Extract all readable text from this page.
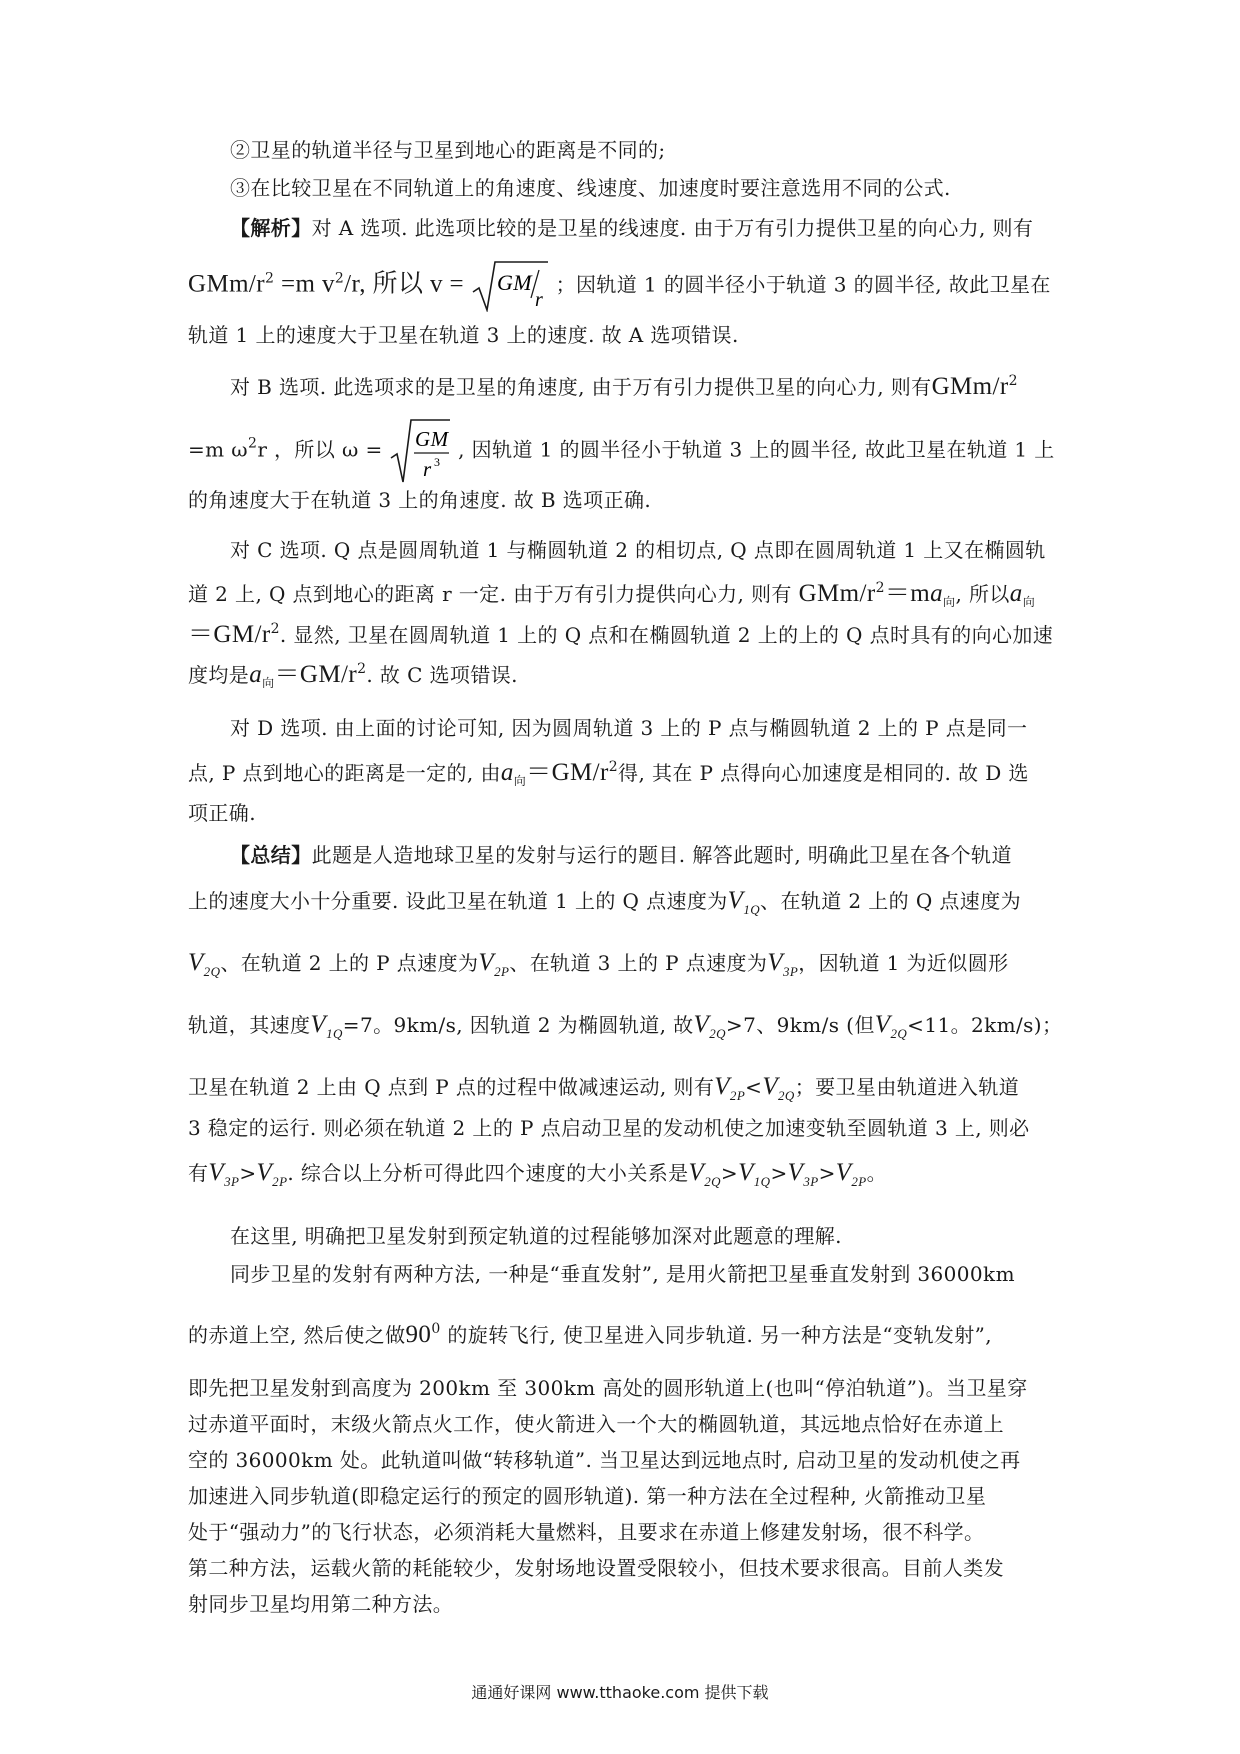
②卫星的轨道半径与卫星到地心的距离是不同的;
③在比较卫星在不同轨道上的角速度、线速度、加速度时要注意选用不同的公式.
【解析】对 A 选项. 此选项比较的是卫星的线速度. 由于万有引力提供卫星的向心力, 则有
GMm/$r^2 =m$ $v^2/r$, 所以 v = GM
r
；因轨道 1 的圆半径小于轨道 3 的圆半径, 故此卫星在
轨道 1 上的速度大于卫星在轨道 3 上的速度. 故 A 选项错误.
对 B 选项. 此选项求的是卫星的角速度, 由于万有引力提供卫星的向心力, 则有GMm/$r^2$
=m $\omega^2r$ ，所以 ω = GM
r 3
, 因轨道 1 的圆半径小于轨道 3 上的圆半径, 故此卫星在轨道 1 上
的角速度大于在轨道 3 上的角速度. 故 B 选项正确.
对 C 选项. Q 点是圆周轨道 1 与椭圆轨道 2 的相切点, Q 点即在圆周轨道 1 上又在椭圆轨
道 2 上, Q 点到地心的距离 r 一定. 由于万有引力提供向心力, 则有 GMm/$r^2=ma_向$, 所以$a_向$
$=GM/r^2$. 显然, 卫星在圆周轨道 1 上的 Q 点和在椭圆轨道 2 上的上的 Q 点时具有的向心加速
度均是$a_向=GM/r^2$. 故 C 选项错误.
对 D 选项. 由上面的讨论可知, 因为圆周轨道 3 上的 P 点与椭圆轨道 2 上的 P 点是同一
点, P 点到地心的距离是一定的, 由$a_向=GM/r^2$得, 其在 P 点得向心加速度是相同的. 故 D 选
项正确.
【总结】此题是人造地球卫星的发射与运行的题目. 解答此题时, 明确此卫星在各个轨道
上的速度大小十分重要. 设此卫星在轨道 1 上的 Q 点速度为$V_{1Q}$、在轨道 2 上的 Q 点速度为
$V_{2Q}$、在轨道 2 上的 P 点速度为$V_{2P}$、在轨道 3 上的 P 点速度为$V_{3P}$，因轨道 1 为近似圆形
轨道，其速度$V_{1Q}=7$。9km/s, 因轨道 2 为椭圆轨道, 故$V_{2Q}>7$、9km/s (但$V_{2Q}<11$。2km/s)；
卫星在轨道 2 上由 Q 点到 P 点的过程中做减速运动, 则有$V_{2P}<V_{2Q}$；要卫星由轨道进入轨道
3 稳定的运行. 则必须在轨道 2 上的 P 点启动卫星的发动机使之加速变轨至圆轨道 3 上, 则必
有$V_{3P}>V_{2P}$. 综合以上分析可得此四个速度的大小关系是$V_{2Q}>V_{1Q}>V_{3P}>V_{2P}$。
在这里, 明确把卫星发射到预定轨道的过程能够加深对此题意的理解.
同步卫星的发射有两种方法, 一种是“垂直发射”, 是用火箭把卫星垂直发射到 36000km
的赤道上空, 然后使之做$90^0$ 的旋转飞行, 使卫星进入同步轨道. 另一种方法是“变轨发射”,
即先把卫星发射到高度为 200km 至 300km 高处的圆形轨道上(也叫“停泊轨道”)。当卫星穿
过赤道平面时，末级火箭点火工作，使火箭进入一个大的椭圆轨道，其远地点恰好在赤道上
空的 36000km 处。此轨道叫做“转移轨道”. 当卫星达到远地点时, 启动卫星的发动机使之再
加速进入同步轨道(即稳定运行的预定的圆形轨道). 第一种方法在全过程种, 火箭推动卫星
处于“强动力”的飞行状态，必须消耗大量燃料，且要求在赤道上修建发射场，很不科学。
第二种方法，运载火箭的耗能较少，发射场地设置受限较小，但技术要求很高。目前人类发
射同步卫星均用第二种方法。
通通好课网 www.tthaoke.com 提供下载
